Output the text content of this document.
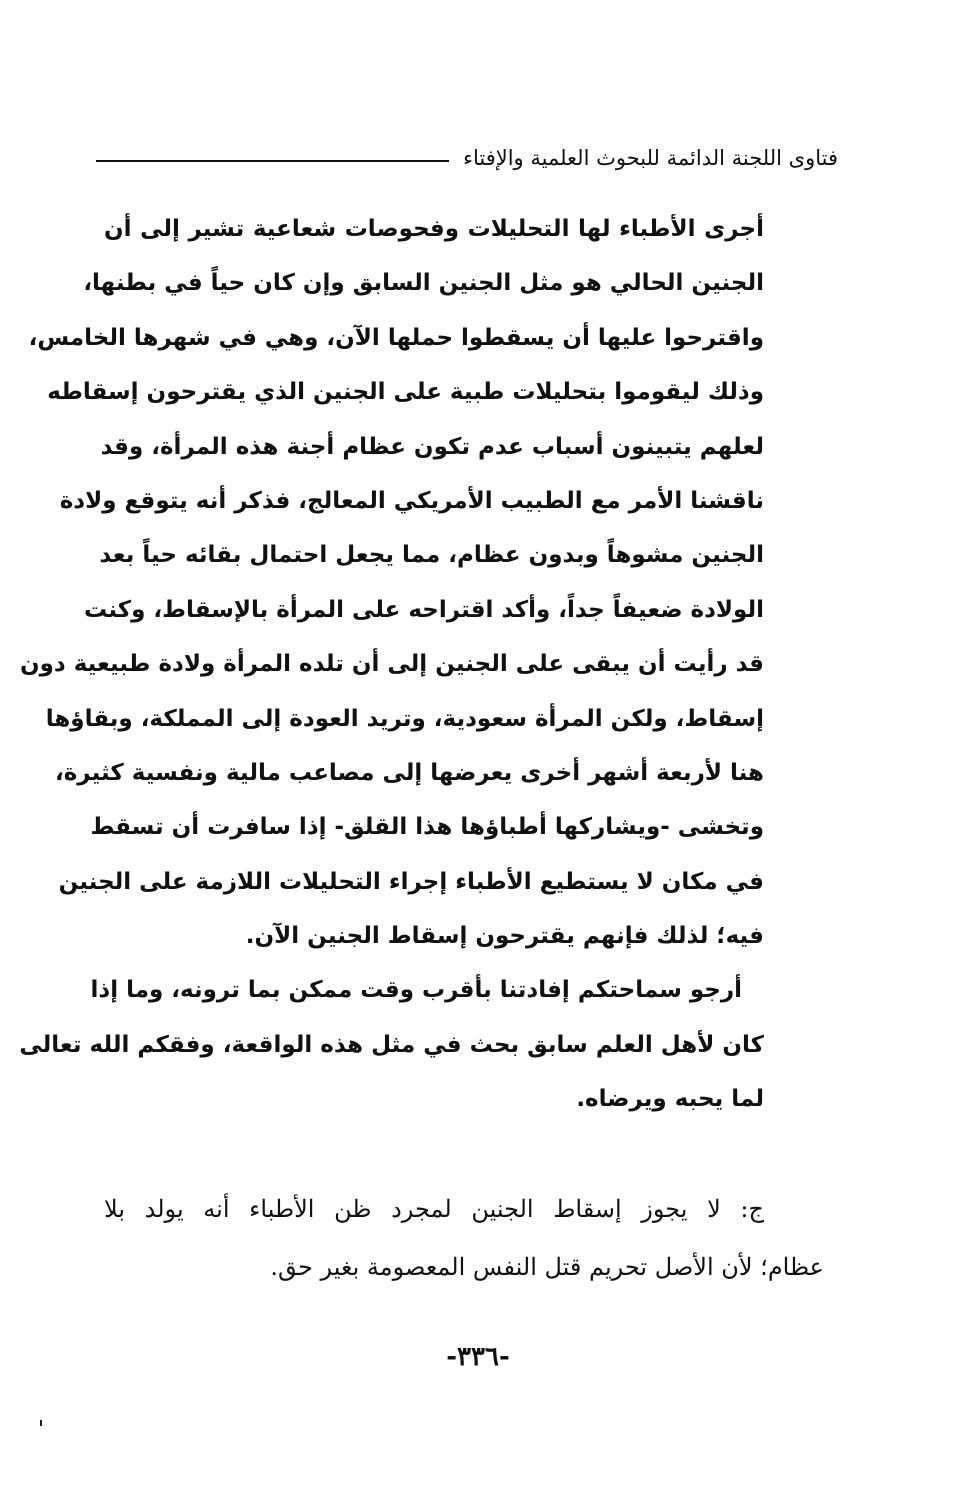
فتاوى اللجنة الدائمة للبحوث العلمية والإفتاء
أجرى الأطباء لها التحليلات وفحوصات شعاعية تشير إلى أن
الجنين الحالي هو مثل الجنين السابق وإن كان حياً في بطنها،
واقترحوا عليها أن يسقطوا حملها الآن، وهي في شهرها الخامس،
وذلك ليقوموا بتحليلات طبية على الجنين الذي يقترحون إسقاطه
لعلهم يتبينون أسباب عدم تكون عظام أجنة هذه المرأة، وقد
ناقشنا الأمر مع الطبيب الأمريكي المعالج، فذكر أنه يتوقع ولادة
الجنين مشوهاً وبدون عظام، مما يجعل احتمال بقائه حياً بعد
الولادة ضعيفاً جداً، وأكد اقتراحه على المرأة بالإسقاط، وكنت
قد رأيت أن يبقى على الجنين إلى أن تلده المرأة ولادة طبيعية دون
إسقاط، ولكن المرأة سعودية، وتريد العودة إلى المملكة، وبقاؤها
هنا لأربعة أشهر أخرى يعرضها إلى مصاعب مالية ونفسية كثيرة،
وتخشى -ويشاركها أطباؤها هذا القلق- إذا سافرت أن تسقط
في مكان لا يستطيع الأطباء إجراء التحليلات اللازمة على الجنين
فيه؛ لذلك فإنهم يقترحون إسقاط الجنين الآن.
أرجو سماحتكم إفادتنا بأقرب وقت ممكن بما ترونه، وما إذا
كان لأهل العلم سابق بحث في مثل هذه الواقعة، وفقكم الله تعالى
لما يحبه ويرضاه.
ج: لا يجوز إسقاط الجنين لمجرد ظن الأطباء أنه يولد بلا
عظام؛ لأن الأصل تحريم قتل النفس المعصومة بغير حق.
-٣٣٦-
